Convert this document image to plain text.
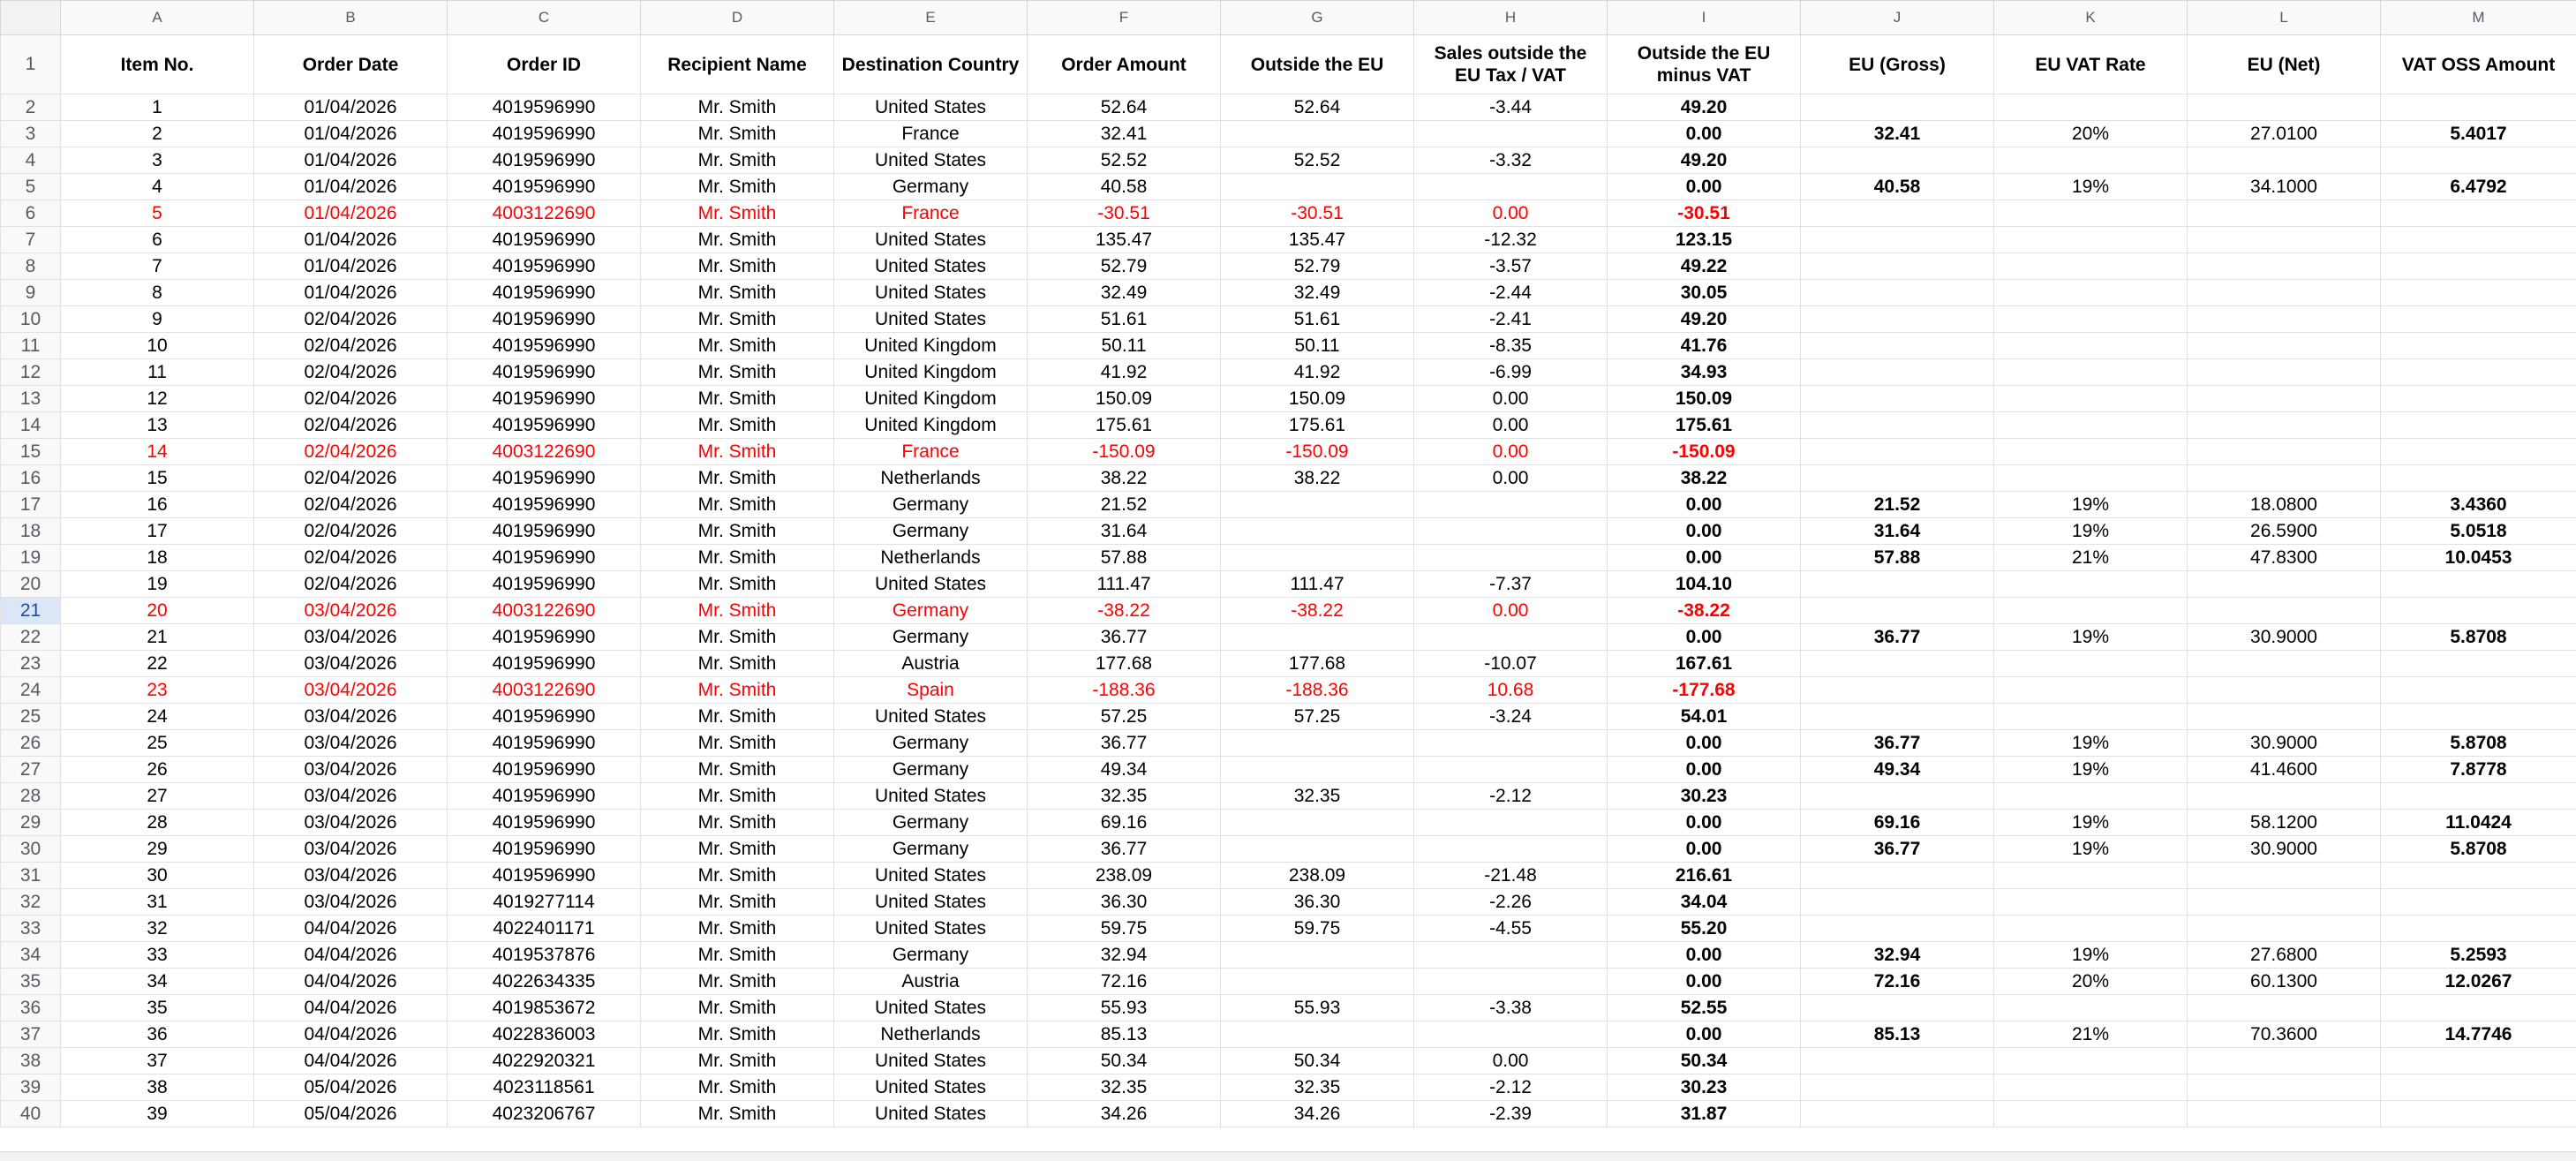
	A	B	C	D	E	F	G	H	I	J	K	L	M
1	Item No.	Order Date	Order ID	Recipient Name	Destination Country	Order Amount	Outside the EU	Sales outside the EU Tax / VAT	Outside the EU minus VAT	EU (Gross)	EU VAT Rate	EU (Net)	VAT OSS Amount
2	1	01/04/2026	4019596990	Mr. Smith	United States	52.64	52.64	-3.44	49.20				
3	2	01/04/2026	4019596990	Mr. Smith	France	32.41			0.00	32.41	20%	27.0100	5.4017
4	3	01/04/2026	4019596990	Mr. Smith	United States	52.52	52.52	-3.32	49.20				
5	4	01/04/2026	4019596990	Mr. Smith	Germany	40.58			0.00	40.58	19%	34.1000	6.4792
6	5	01/04/2026	4003122690	Mr. Smith	France	-30.51	-30.51	0.00	-30.51				
7	6	01/04/2026	4019596990	Mr. Smith	United States	135.47	135.47	-12.32	123.15				
8	7	01/04/2026	4019596990	Mr. Smith	United States	52.79	52.79	-3.57	49.22				
9	8	01/04/2026	4019596990	Mr. Smith	United States	32.49	32.49	-2.44	30.05				
10	9	02/04/2026	4019596990	Mr. Smith	United States	51.61	51.61	-2.41	49.20				
11	10	02/04/2026	4019596990	Mr. Smith	United Kingdom	50.11	50.11	-8.35	41.76				
12	11	02/04/2026	4019596990	Mr. Smith	United Kingdom	41.92	41.92	-6.99	34.93				
13	12	02/04/2026	4019596990	Mr. Smith	United Kingdom	150.09	150.09	0.00	150.09				
14	13	02/04/2026	4019596990	Mr. Smith	United Kingdom	175.61	175.61	0.00	175.61				
15	14	02/04/2026	4003122690	Mr. Smith	France	-150.09	-150.09	0.00	-150.09				
16	15	02/04/2026	4019596990	Mr. Smith	Netherlands	38.22	38.22	0.00	38.22				
17	16	02/04/2026	4019596990	Mr. Smith	Germany	21.52			0.00	21.52	19%	18.0800	3.4360
18	17	02/04/2026	4019596990	Mr. Smith	Germany	31.64			0.00	31.64	19%	26.5900	5.0518
19	18	02/04/2026	4019596990	Mr. Smith	Netherlands	57.88			0.00	57.88	21%	47.8300	10.0453
20	19	02/04/2026	4019596990	Mr. Smith	United States	111.47	111.47	-7.37	104.10				
21	20	03/04/2026	4003122690	Mr. Smith	Germany	-38.22	-38.22	0.00	-38.22				
22	21	03/04/2026	4019596990	Mr. Smith	Germany	36.77			0.00	36.77	19%	30.9000	5.8708
23	22	03/04/2026	4019596990	Mr. Smith	Austria	177.68	177.68	-10.07	167.61				
24	23	03/04/2026	4003122690	Mr. Smith	Spain	-188.36	-188.36	10.68	-177.68				
25	24	03/04/2026	4019596990	Mr. Smith	United States	57.25	57.25	-3.24	54.01				
26	25	03/04/2026	4019596990	Mr. Smith	Germany	36.77			0.00	36.77	19%	30.9000	5.8708
27	26	03/04/2026	4019596990	Mr. Smith	Germany	49.34			0.00	49.34	19%	41.4600	7.8778
28	27	03/04/2026	4019596990	Mr. Smith	United States	32.35	32.35	-2.12	30.23				
29	28	03/04/2026	4019596990	Mr. Smith	Germany	69.16			0.00	69.16	19%	58.1200	11.0424
30	29	03/04/2026	4019596990	Mr. Smith	Germany	36.77			0.00	36.77	19%	30.9000	5.8708
31	30	03/04/2026	4019596990	Mr. Smith	United States	238.09	238.09	-21.48	216.61				
32	31	03/04/2026	4019277114	Mr. Smith	United States	36.30	36.30	-2.26	34.04				
33	32	04/04/2026	4022401171	Mr. Smith	United States	59.75	59.75	-4.55	55.20				
34	33	04/04/2026	4019537876	Mr. Smith	Germany	32.94			0.00	32.94	19%	27.6800	5.2593
35	34	04/04/2026	4022634335	Mr. Smith	Austria	72.16			0.00	72.16	20%	60.1300	12.0267
36	35	04/04/2026	4019853672	Mr. Smith	United States	55.93	55.93	-3.38	52.55				
37	36	04/04/2026	4022836003	Mr. Smith	Netherlands	85.13			0.00	85.13	21%	70.3600	14.7746
38	37	04/04/2026	4022920321	Mr. Smith	United States	50.34	50.34	0.00	50.34				
39	38	05/04/2026	4023118561	Mr. Smith	United States	32.35	32.35	-2.12	30.23				
40	39	05/04/2026	4023206767	Mr. Smith	United States	34.26	34.26	-2.39	31.87				
